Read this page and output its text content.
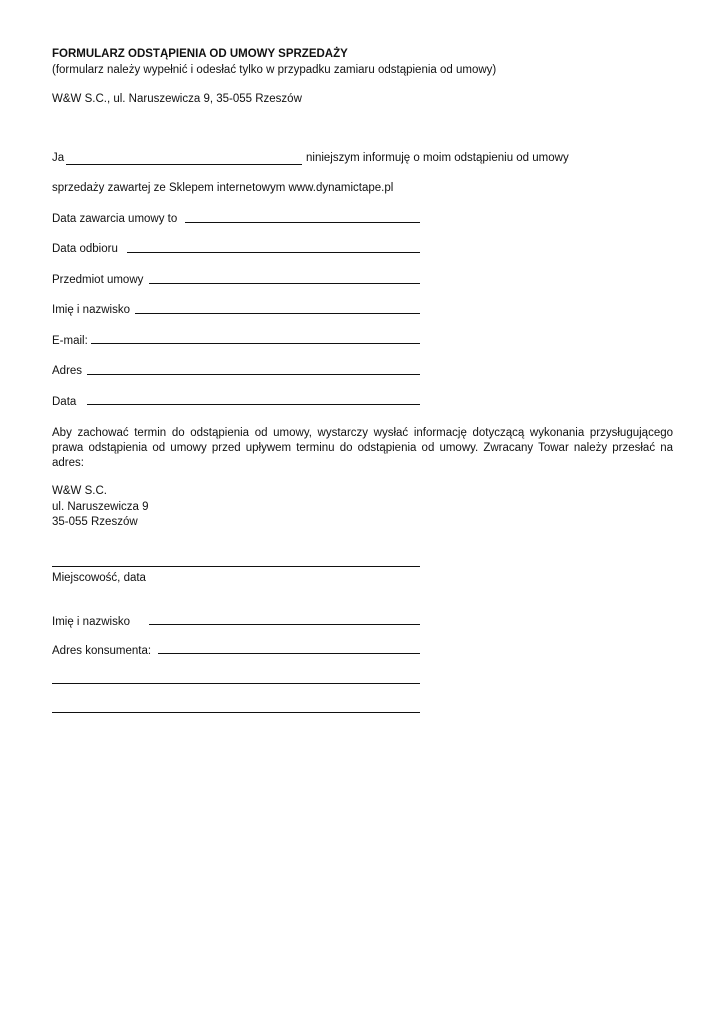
FORMULARZ ODSTĄPIENIA OD UMOWY SPRZEDAŻY
(formularz należy wypełnić i odesłać tylko w przypadku zamiaru odstąpienia od umowy)
W&W S.C., ul. Naruszewicza 9, 35-055 Rzeszów
Ja	niniejszym informuję o moim odstąpieniu od umowy
sprzedaży zawartej ze Sklepem internetowym www.dynamictape.pl
Data zawarcia umowy to
Data odbioru
Przedmiot umowy
Imię i nazwisko
E-mail:
Adres
Data
Aby zachować termin do odstąpienia od umowy, wystarczy wysłać informację dotyczącą wykonania przysługującego
prawa odstąpienia od umowy przed upływem terminu do odstąpienia od umowy. Zwracany Towar należy przesłać na adres:
W&W S.C.
ul. Naruszewicza 9
35-055 Rzeszów
Miejscowość, data
Imię i nazwisko
Adres konsumenta:
